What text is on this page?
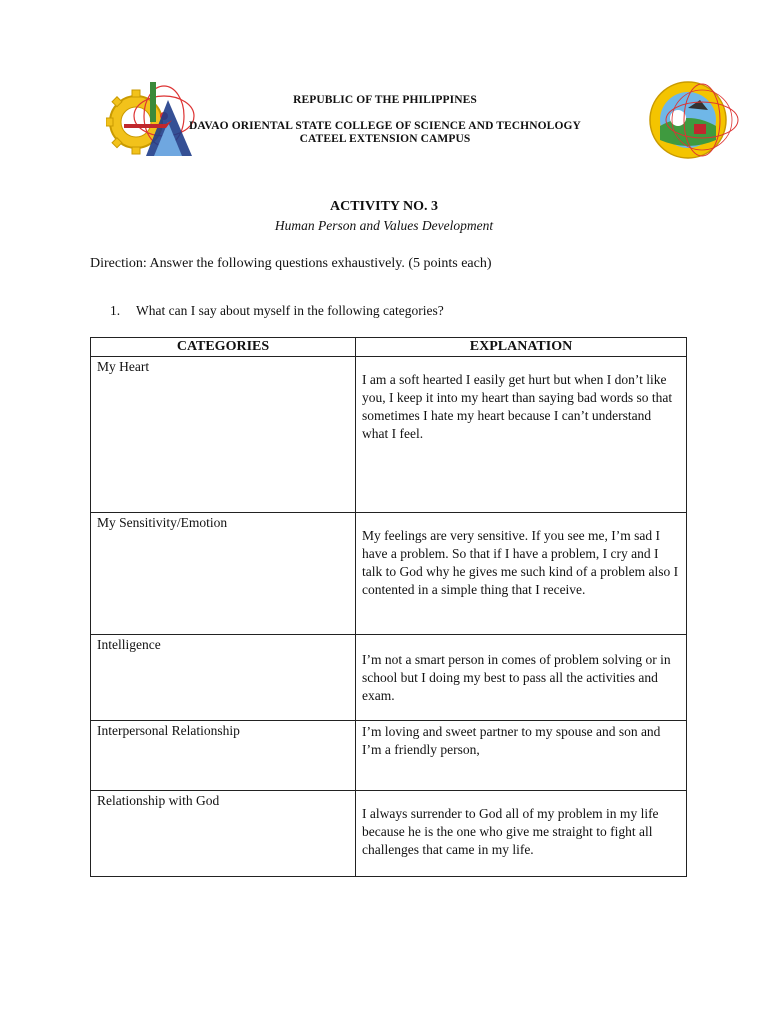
REPUBLIC OF THE PHILIPPINES
DAVAO ORIENTAL STATE COLLEGE OF SCIENCE AND TECHNOLOGY
CATEEL EXTENSION CAMPUS
ACTIVITY NO. 3
Human Person and Values Development
Direction: Answer the following questions exhaustively. (5 points each)
1. What can I say about myself in the following categories?
CATEGORIES	EXPLANATION
My Heart	I am a soft hearted I easily get hurt but when I don’t like you, I keep it into my heart than saying bad words so that sometimes I hate my heart because I can’t understand what I feel.

My Sensitivity/Emotion	My feelings are very sensitive. If you see me, I’m sad I have a problem. So that if I have a problem, I cry and I talk to God why he gives me such kind of a problem also I contented in a simple thing that I receive.

Intelligence	I’m not a smart person in comes of problem solving or in school but I doing my best to pass all the activities and exam.

Interpersonal Relationship	I’m loving and sweet partner to my spouse and son and I’m a friendly person,

Relationship with God	I always surrender to God all of my problem in my life because he is the one who give me straight to fight all challenges that came in my life.
